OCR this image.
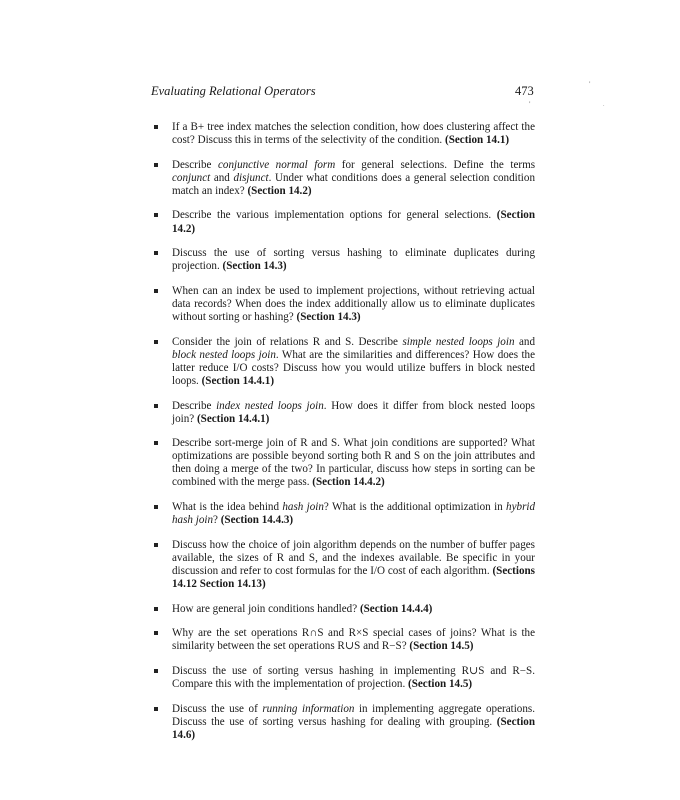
Evaluating Relational Operators	473
,
,
.
If a B+ tree index matches the selection condition, how does clustering affect the cost? Discuss this in terms of the selectivity of the condition. (Section 14.1)
Describe conjunctive normal form for general selections. Define the terms conjunct and disjunct. Under what conditions does a general selection condition match an index? (Section 14.2)
Describe the various implementation options for general selections. (Section 14.2)
Discuss the use of sorting versus hashing to eliminate duplicates during projection. (Section 14.3)
When can an index be used to implement projections, without retrieving actual data records? When does the index additionally allow us to eliminate duplicates without sorting or hashing? (Section 14.3)
Consider the join of relations R and S. Describe simple nested loops join and block nested loops join. What are the similarities and differences? How does the latter reduce I/O costs? Discuss how you would utilize buffers in block nested loops. (Section 14.4.1)
Describe index nested loops join. How does it differ from block nested loops join? (Section 14.4.1)
Describe sort-merge join of R and S. What join conditions are supported? What optimizations are possible beyond sorting both R and S on the join attributes and then doing a merge of the two? In particular, discuss how steps in sorting can be combined with the merge pass. (Section 14.4.2)
What is the idea behind hash join? What is the additional optimization in hybrid hash join? (Section 14.4.3)
Discuss how the choice of join algorithm depends on the number of buffer pages available, the sizes of R and S, and the indexes available. Be specific in your discussion and refer to cost formulas for the I/O cost of each algorithm. (Sections 14.12 Section 14.13)
How are general join conditions handled? (Section 14.4.4)
Why are the set operations R∩S and R×S special cases of joins? What is the similarity between the set operations R∪S and R−S? (Section 14.5)
Discuss the use of sorting versus hashing in implementing R∪S and R−S. Compare this with the implementation of projection. (Section 14.5)
Discuss the use of running information in implementing aggregate operations. Discuss the use of sorting versus hashing for dealing with grouping. (Section 14.6)
